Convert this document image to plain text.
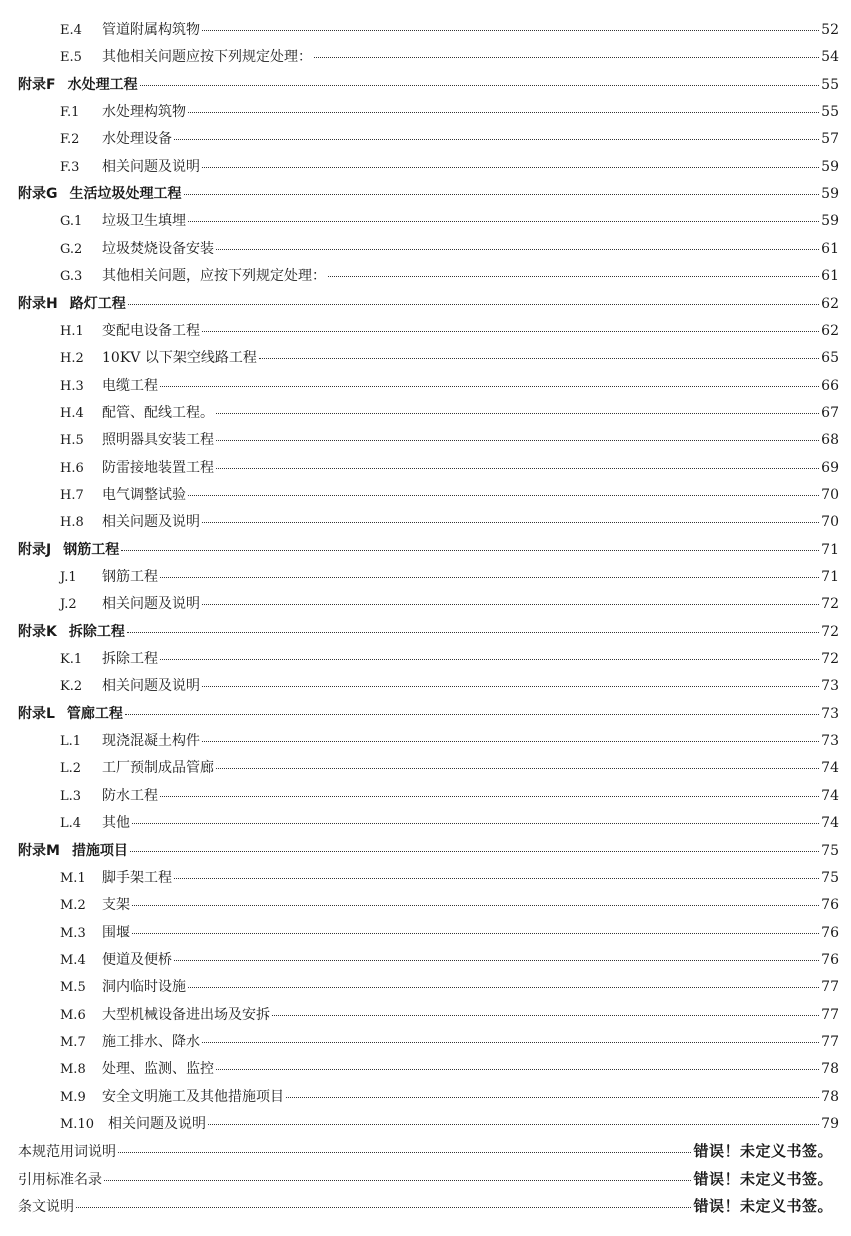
E.4 管道附属构筑物	52
E.5 其他相关问题应按下列规定处理：	54
附录F 水处理工程	55
F.1 水处理构筑物	55
F.2 水处理设备	57
F.3 相关问题及说明	59
附录G 生活垃圾处理工程	59
G.1 垃圾卫生填埋	59
G.2 垃圾焚烧设备安装	61
G.3 其他相关问题，应按下列规定处理：	61
附录H 路灯工程	62
H.1 变配电设备工程	62
H.2 10KV 以下架空线路工程	65
H.3 电缆工程	66
H.4 配管、配线工程。	67
H.5 照明器具安装工程	68
H.6 防雷接地装置工程	69
H.7 电气调整试验	70
H.8 相关问题及说明	70
附录J 钢筋工程	71
J.1 钢筋工程	71
J.2 相关问题及说明	72
附录K 拆除工程	72
K.1 拆除工程	72
K.2 相关问题及说明	73
附录L 管廊工程	73
L.1 现浇混凝土构件	73
L.2 工厂预制成品管廊	74
L.3 防水工程	74
L.4 其他	74
附录M 措施项目	75
M.1 脚手架工程	75
M.2 支架	76
M.3 围堰	76
M.4 便道及便桥	76
M.5 洞内临时设施	77
M.6 大型机械设备进出场及安拆	77
M.7 施工排水、降水	77
M.8 处理、监测、监控	78
M.9 安全文明施工及其他措施项目	78
M.10 相关问题及说明	79
本规范用词说明	错误！未定义书签。
引用标准名录	错误！未定义书签。
条文说明	错误！未定义书签。
